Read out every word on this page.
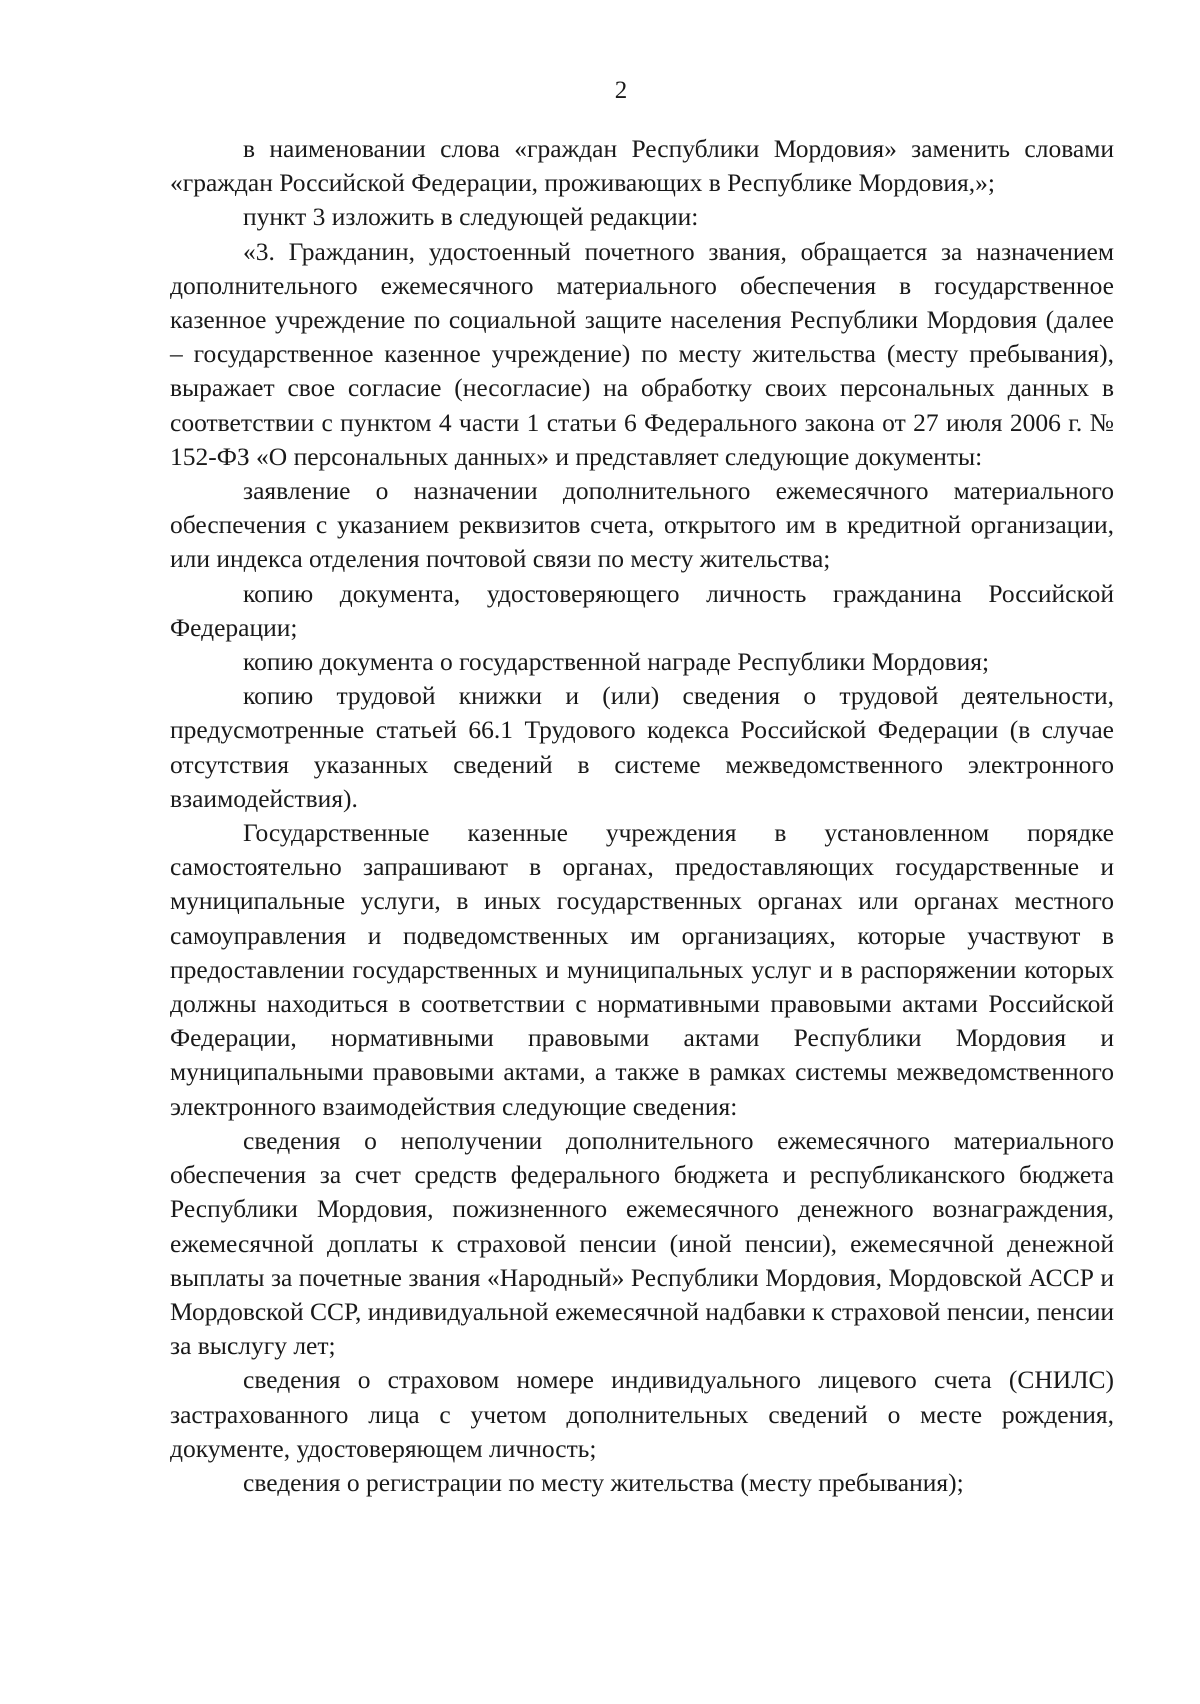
2

в наименовании слова «граждан Республики Мордовия» заменить словами «граждан Российской Федерации, проживающих в Республике Мордовия,»;

пункт 3 изложить в следующей редакции:

«3. Гражданин, удостоенный почетного звания, обращается за назначением дополнительного ежемесячного материального обеспечения в государственное казенное учреждение по социальной защите населения Республики Мордовия (далее – государственное казенное учреждение) по месту жительства (месту пребывания), выражает свое согласие (несогласие) на обработку своих персональных данных в соответствии с пунктом 4 части 1 статьи 6 Федерального закона от 27 июля 2006 г. № 152-ФЗ «О персональных данных» и представляет следующие документы:

заявление о назначении дополнительного ежемесячного материального обеспечения с указанием реквизитов счета, открытого им в кредитной организации, или индекса отделения почтовой связи по месту жительства;

копию документа, удостоверяющего личность гражданина Российской Федерации;

копию документа о государственной награде Республики Мордовия;

копию трудовой книжки и (или) сведения о трудовой деятельности, предусмотренные статьей 66.1 Трудового кодекса Российской Федерации (в случае отсутствия указанных сведений в системе межведомственного электронного взаимодействия).

Государственные казенные учреждения в установленном порядке самостоятельно запрашивают в органах, предоставляющих государственные и муниципальные услуги, в иных государственных органах или органах местного самоуправления и подведомственных им организациях, которые участвуют в предоставлении государственных и муниципальных услуг и в распоряжении которых должны находиться в соответствии с нормативными правовыми актами Российской Федерации, нормативными правовыми актами Республики Мордовия и муниципальными правовыми актами, а также в рамках системы межведомственного электронного взаимодействия следующие сведения:

сведения о неполучении дополнительного ежемесячного материального обеспечения за счет средств федерального бюджета и республиканского бюджета Республики Мордовия, пожизненного ежемесячного денежного вознаграждения, ежемесячной доплаты к страховой пенсии (иной пенсии), ежемесячной денежной выплаты за почетные звания «Народный» Республики Мордовия, Мордовской АССР и Мордовской ССР, индивидуальной ежемесячной надбавки к страховой пенсии, пенсии за выслугу лет;

сведения о страховом номере индивидуального лицевого счета (СНИЛС) застрахованного лица с учетом дополнительных сведений о месте рождения, документе, удостоверяющем личность;

сведения о регистрации по месту жительства (месту пребывания);
